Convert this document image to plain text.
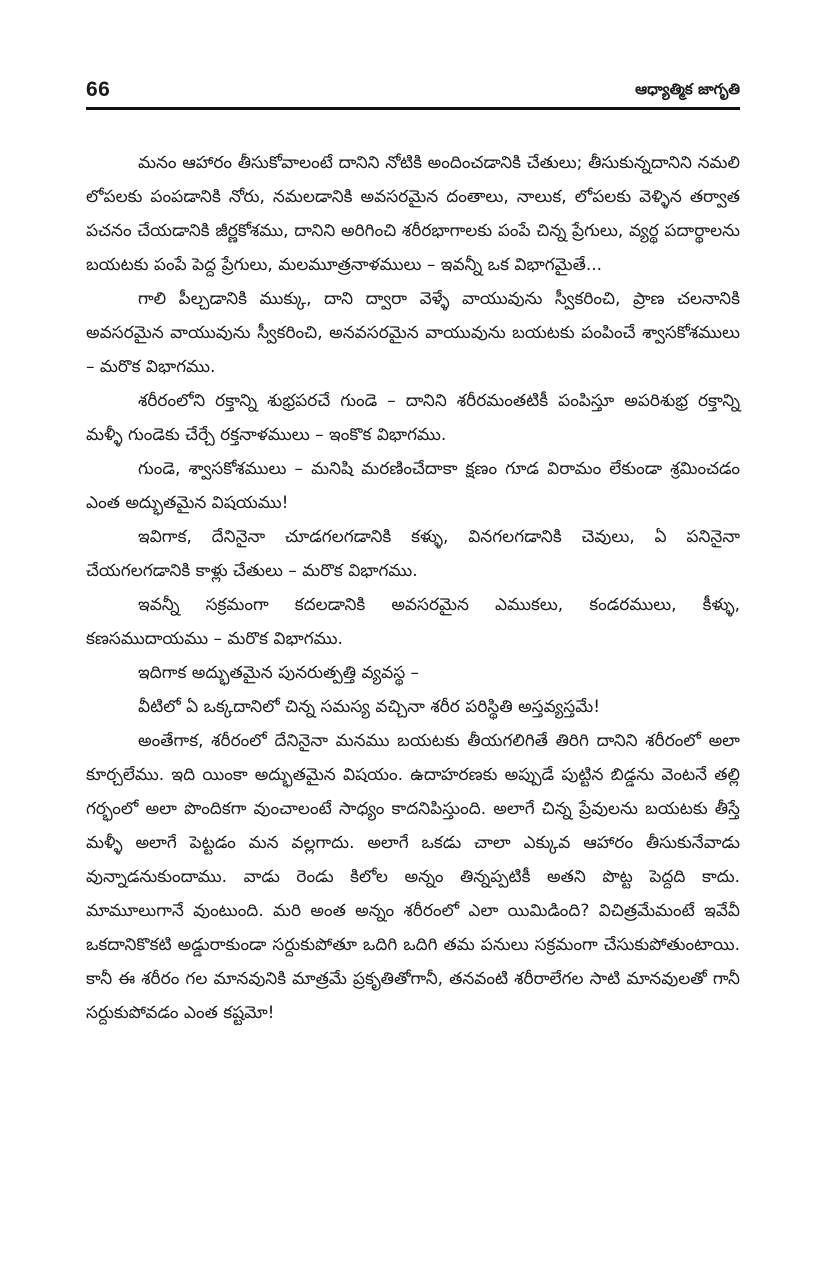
66	ఆధ్యాత్మిక జాగృతి

మనం ఆహారం తీసుకోవాలంటే దానిని నోటికి అందించడానికి చేతులు; తీసుకున్నదానిని నమలి లోపలకు పంపడానికి నోరు, నమలడానికి అవసరమైన దంతాలు, నాలుక, లోపలకు వెళ్ళిన తర్వాత పచనం చేయడానికి జీర్ణకోశము, దానిని అరిగించి శరీరభాగాలకు పంపే చిన్న ప్రేగులు, వ్యర్థ పదార్థాలను బయటకు పంపే పెద్ద ప్రేగులు, మలమూత్రనాళములు – ఇవన్నీ ఒక విభాగమైతే...

గాలి పీల్చడానికి ముక్కు, దాని ద్వారా వెళ్ళే వాయువును స్వీకరించి, ప్రాణ చలనానికి అవసరమైన వాయువును స్వీకరించి, అనవసరమైన వాయువును బయటకు పంపించే శ్వాసకోశములు – మరొక విభాగము.

శరీరంలోని రక్తాన్ని శుభ్రపరచే గుండె – దానిని శరీరమంతటికీ పంపిస్తూ అపరిశుభ్ర రక్తాన్ని మళ్ళీ గుండెకు చేర్చే రక్తనాళములు – ఇంకొక విభాగము.

గుండె, శ్వాసకోశములు – మనిషి మరణించేదాకా క్షణం గూడ విరామం లేకుండా శ్రమించడం ఎంత అద్భుతమైన విషయము!

ఇవిగాక, దేనినైనా చూడగలగడానికి కళ్ళు, వినగలగడానికి చెవులు, ఏ పనినైనా చేయగలగడానికి కాళ్లు చేతులు – మరొక విభాగము.

ఇవన్నీ సక్రమంగా కదలడానికి అవసరమైన ఎముకలు, కండరములు, కీళ్ళు, కణసముదాయము – మరొక విభాగము.

ఇదిగాక అద్భుతమైన పునరుత్పత్తి వ్యవస్థ –

వీటిలో ఏ ఒక్కదానిలో చిన్న సమస్య వచ్చినా శరీర పరిస్థితి అస్తవ్యస్తమే!

అంతేగాక, శరీరంలో దేనినైనా మనము బయటకు తీయగలిగితే తిరిగి దానిని శరీరంలో అలా కూర్చలేము. ఇది యింకా అద్భుతమైన విషయం. ఉదాహరణకు అప్పుడే పుట్టిన బిడ్డను వెంటనే తల్లి గర్భంలో అలా పొందికగా వుంచాలంటే సాధ్యం కాదనిపిస్తుంది. అలాగే చిన్న ప్రేవులను బయటకు తీస్తే మళ్ళీ అలాగే పెట్టడం మన వల్లగాదు. అలాగే ఒకడు చాలా ఎక్కువ ఆహారం తీసుకునేవాడు వున్నాడనుకుందాము. వాడు రెండు కిలోల అన్నం తిన్నప్పటికీ అతని పొట్ట పెద్దది కాదు. మామూలుగానే వుంటుంది. మరి అంత అన్నం శరీరంలో ఎలా యిమిడింది? విచిత్రమేమంటే ఇవేవీ ఒకదానికొకటి అడ్డురాకుండా సర్దుకుపోతూ ఒదిగి ఒదిగి తమ పనులు సక్రమంగా చేసుకుపోతుంటాయి. కానీ ఈ శరీరం గల మానవునికి మాత్రమే ప్రకృతితోగానీ, తనవంటి శరీరాలేగల సాటి మానవులతో గానీ సర్దుకుపోవడం ఎంత కష్టమో!
